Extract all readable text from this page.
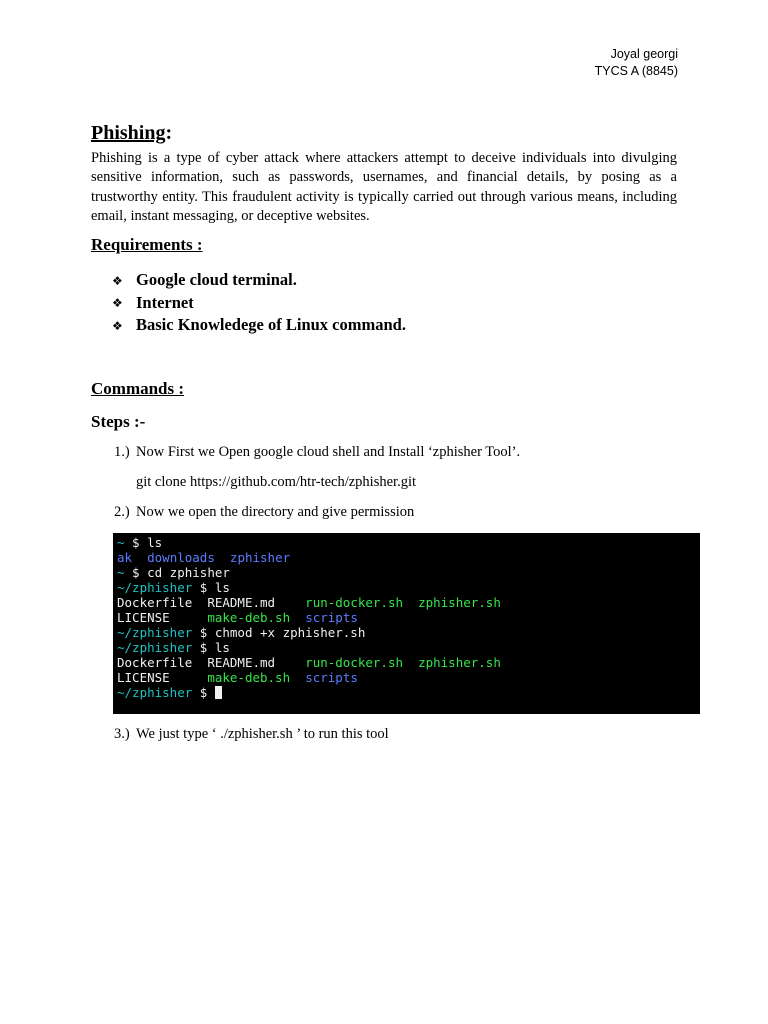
Joyal georgi
TYCS A (8845)
Phishing:
Phishing is a type of cyber attack where attackers attempt to deceive individuals into divulging sensitive information, such as passwords, usernames, and financial details, by posing as a trustworthy entity. This fraudulent activity is typically carried out through various means, including email, instant messaging, or deceptive websites.
Requirements :
❖ Google cloud terminal.
❖ Internet
❖ Basic Knowledege of Linux command.
Commands :
Steps :-
1.) Now First we Open google cloud shell and Install ‘zphisher Tool’.
git clone https://github.com/htr-tech/zphisher.git
2.) Now we open the directory and give permission
~ $ ls
ak downloads zphisher
~ $ cd zphisher
~/zphisher $ ls
Dockerfile README.md run-docker.sh zphisher.sh
LICENSE	make-deb.sh scripts
~/zphisher $ chmod +x zphisher.sh
~/zphisher $ ls
Dockerfile README.md run-docker.sh zphisher.sh
LICENSE	make-deb.sh scripts
~/zphisher $
3.) We just type ‘ ./zphisher.sh ’ to run this tool
